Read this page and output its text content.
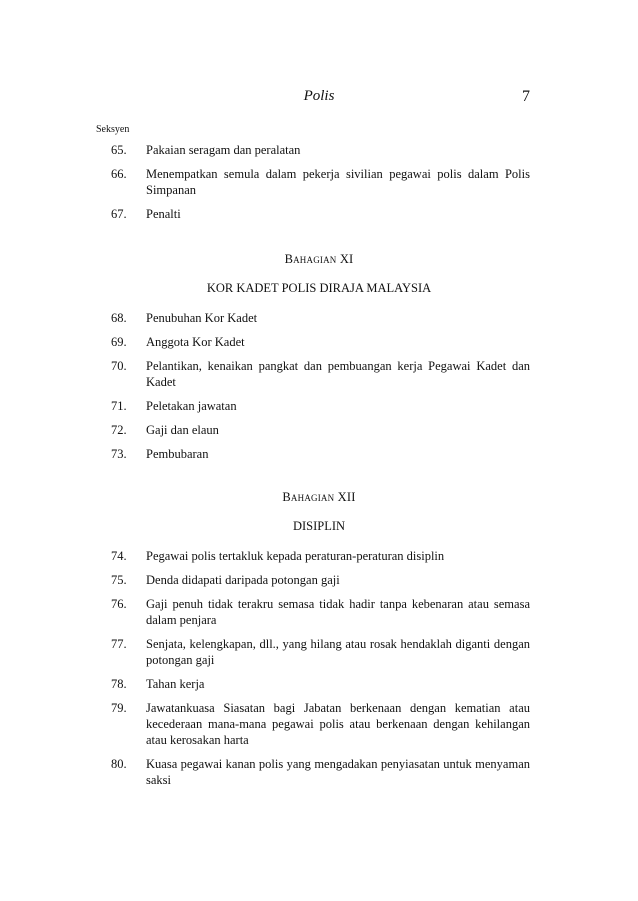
Polis	7
Seksyen
65.	Pakaian seragam dan peralatan
66.	Menempatkan semula dalam pekerja sivilian pegawai polis dalam Polis Simpanan
67.	Penalti
Bahagian XI
KOR KADET POLIS DIRAJA MALAYSIA
68.	Penubuhan Kor Kadet
69.	Anggota Kor Kadet
70.	Pelantikan, kenaikan pangkat dan pembuangan kerja Pegawai Kadet dan Kadet
71.	Peletakan jawatan
72.	Gaji dan elaun
73.	Pembubaran
Bahagian XII
DISIPLIN
74.	Pegawai polis tertakluk kepada peraturan-peraturan disiplin
75.	Denda didapati daripada potongan gaji
76.	Gaji penuh tidak terakru semasa tidak hadir tanpa kebenaran atau semasa dalam penjara
77.	Senjata, kelengkapan, dll., yang hilang atau rosak hendaklah diganti dengan potongan gaji
78.	Tahan kerja
79.	Jawatankuasa Siasatan bagi Jabatan berkenaan dengan kematian atau kecederaan mana-mana pegawai polis atau berkenaan dengan kehilangan atau kerosakan harta
80.	Kuasa pegawai kanan polis yang mengadakan penyiasatan untuk menyaman saksi
